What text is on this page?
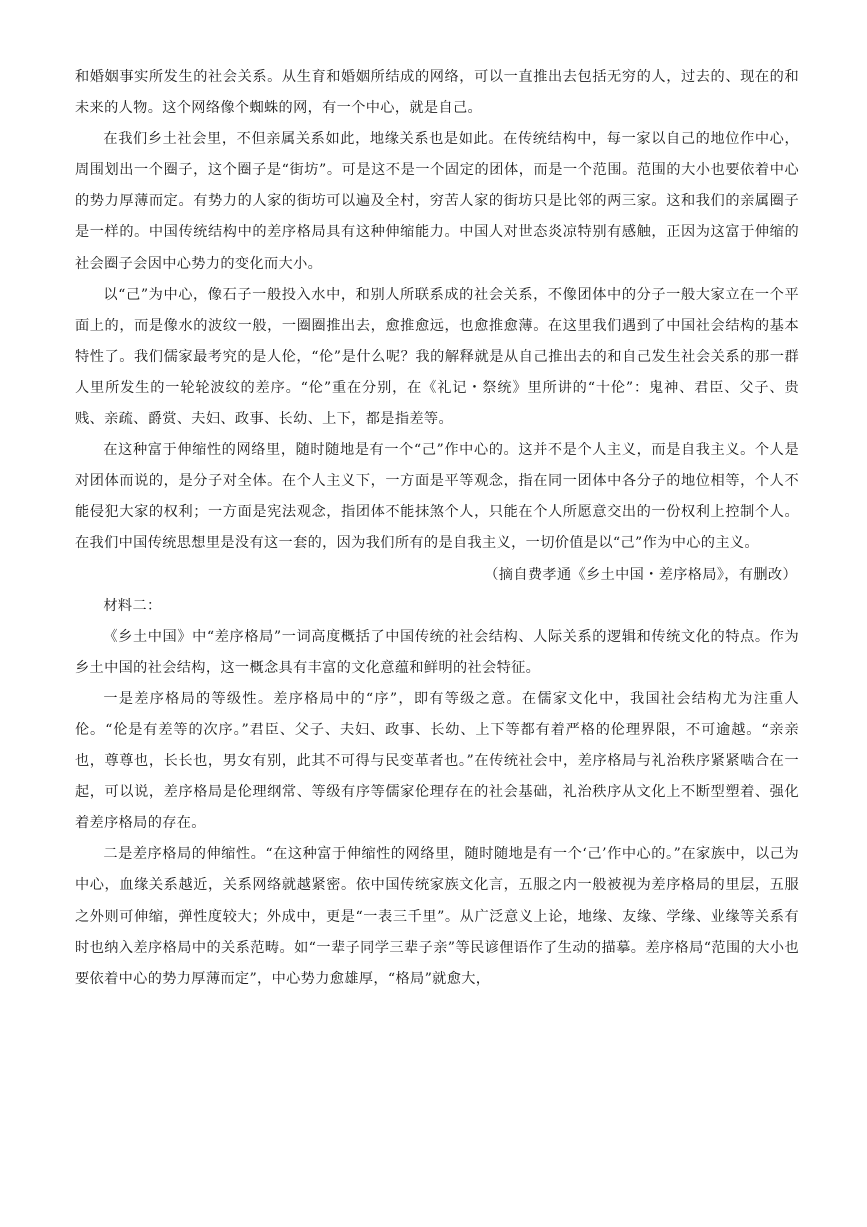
和婚姻事实所发生的社会关系。从生育和婚姻所结成的网络，可以一直推出去包括无穷的人，过去的、现在的和未来的人物。这个网络像个蜘蛛的网，有一个中心，就是自己。

在我们乡土社会里，不但亲属关系如此，地缘关系也是如此。在传统结构中，每一家以自己的地位作中心，周围划出一个圈子，这个圈子是“街坊”。可是这不是一个固定的团体，而是一个范围。范围的大小也要依着中心的势力厚薄而定。有势力的人家的街坊可以遍及全村，穷苦人家的街坊只是比邻的两三家。这和我们的亲属圈子是一样的。中国传统结构中的差序格局具有这种伸缩能力。中国人对世态炎凉特别有感触，正因为这富于伸缩的社会圈子会因中心势力的变化而大小。

以“己”为中心，像石子一般投入水中，和别人所联系成的社会关系，不像团体中的分子一般大家立在一个平面上的，而是像水的波纹一般，一圈圈推出去，愈推愈远，也愈推愈薄。在这里我们遇到了中国社会结构的基本特性了。我们儒家最考究的是人伦，“伦”是什么呢？我的解释就是从自己推出去的和自己发生社会关系的那一群人里所发生的一轮轮波纹的差序。“伦”重在分别，在《礼记・祭统》里所讲的“十伦”：鬼神、君臣、父子、贵贱、亲疏、爵赏、夫妇、政事、长幼、上下，都是指差等。

在这种富于伸缩性的网络里，随时随地是有一个“己”作中心的。这并不是个人主义，而是自我主义。个人是对团体而说的，是分子对全体。在个人主义下，一方面是平等观念，指在同一团体中各分子的地位相等，个人不能侵犯大家的权利；一方面是宪法观念，指团体不能抹煞个人，只能在个人所愿意交出的一份权利上控制个人。在我们中国传统思想里是没有这一套的，因为我们所有的是自我主义，一切价值是以“己”作为中心的主义。

（摘自费孝通《乡土中国・差序格局》，有删改）

材料二：

《乡土中国》中“差序格局”一词高度概括了中国传统的社会结构、人际关系的逻辑和传统文化的特点。作为乡土中国的社会结构，这一概念具有丰富的文化意蕴和鲜明的社会特征。

一是差序格局的等级性。差序格局中的“序”，即有等级之意。在儒家文化中，我国社会结构尤为注重人伦。“伦是有差等的次序。”君臣、父子、夫妇、政事、长幼、上下等都有着严格的伦理界限，不可逾越。“亲亲也，尊尊也，长长也，男女有别，此其不可得与民变革者也。”在传统社会中，差序格局与礼治秩序紧紧啮合在一起，可以说，差序格局是伦理纲常、等级有序等儒家伦理存在的社会基础，礼治秩序从文化上不断型塑着、强化着差序格局的存在。

二是差序格局的伸缩性。“在这种富于伸缩性的网络里，随时随地是有一个‘己’作中心的。”在家族中，以己为中心，血缘关系越近，关系网络就越紧密。依中国传统家族文化言，五服之内一般被视为差序格局的里层，五服之外则可伸缩，弹性度较大；外成中，更是“一表三千里”。从广泛意义上论，地缘、友缘、学缘、业缘等关系有时也纳入差序格局中的关系范畴。如“一辈子同学三辈子亲”等民谚俚语作了生动的描摹。差序格局“范围的大小也要依着中心的势力厚薄而定”，中心势力愈雄厚，“格局”就愈大，
